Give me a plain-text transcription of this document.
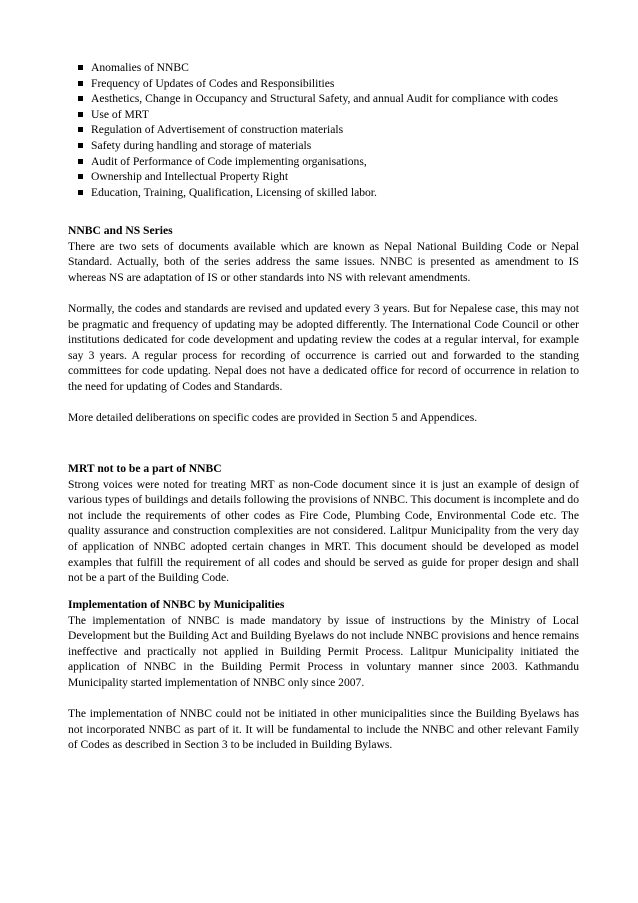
Anomalies of NNBC
Frequency of Updates of Codes and Responsibilities
Aesthetics, Change in Occupancy and Structural Safety, and annual Audit for compliance with codes
Use of MRT
Regulation of Advertisement of construction materials
Safety during handling and storage of materials
Audit of Performance of Code implementing organisations,
Ownership and Intellectual Property Right
Education, Training, Qualification, Licensing of skilled labor.
NNBC and NS Series

There are two sets of documents available which are known as Nepal National Building Code or Nepal Standard. Actually, both of the series address the same issues. NNBC is presented as amendment to IS whereas NS are adaptation of IS or other standards into NS with relevant amendments.

Normally, the codes and standards are revised and updated every 3 years. But for Nepalese case, this may not be pragmatic and frequency of updating may be adopted differently. The International Code Council or other institutions dedicated for code development and updating review the codes at a regular interval, for example say 3 years. A regular process for recording of occurrence is carried out and forwarded to the standing committees for code updating. Nepal does not have a dedicated office for record of occurrence in relation to the need for updating of Codes and Standards.

More detailed deliberations on specific codes are provided in Section 5 and Appendices.

MRT not to be a part of NNBC

Strong voices were noted for treating MRT as non-Code document since it is just an example of design of various types of buildings and details following the provisions of NNBC. This document is incomplete and do not include the requirements of other codes as Fire Code, Plumbing Code, Environmental Code etc. The quality assurance and construction complexities are not considered. Lalitpur Municipality from the very day of application of NNBC adopted certain changes in MRT. This document should be developed as model examples that fulfill the requirement of all codes and should be served as guide for proper design and shall not be a part of the Building Code.

Implementation of NNBC by Municipalities

The implementation of NNBC is made mandatory by issue of instructions by the Ministry of Local Development but the Building Act and Building Byelaws do not include NNBC provisions and hence remains ineffective and practically not applied in Building Permit Process. Lalitpur Municipality initiated the application of NNBC in the Building Permit Process in voluntary manner since 2003. Kathmandu Municipality started implementation of NNBC only since 2007.

The implementation of NNBC could not be initiated in other municipalities since the Building Byelaws has not incorporated NNBC as part of it. It will be fundamental to include the NNBC and other relevant Family of Codes as described in Section 3 to be included in Building Bylaws.
